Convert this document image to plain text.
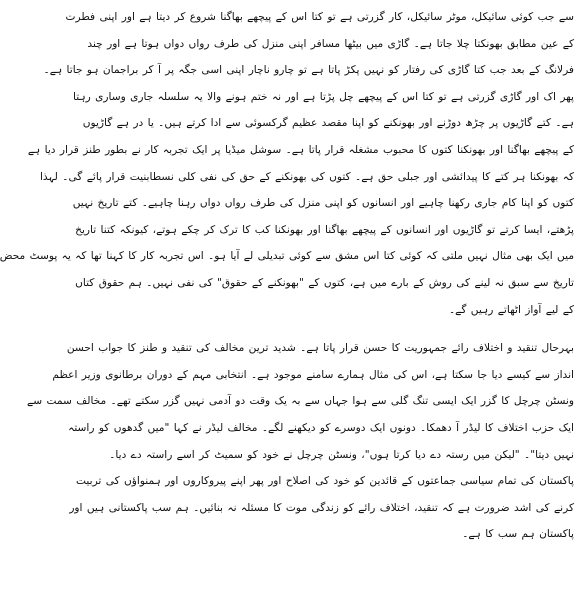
سے جب کوئی سائیکل، موٹر سائیکل، کار گزرتی ہے تو کتا اس کے پیچھے بھاگنا شروع کر دیتا ہے اور اپنی فطرت
کے عین مطابق بھونکتا چلا جاتا ہے۔ گاڑی میں بیٹھا مسافر اپنی منزل کی طرف رواں دواں ہوتا ہے اور چند
فرلانگ کے بعد جب کتا گاڑی کی رفتار کو نہیں پکڑ پاتا ہے تو چارو ناچار اپنی اسی جگہ پر آ کر براجمان ہو جاتا ہے۔
پھر اک اور گاڑی گزرتی ہے تو کتا اس کے پیچھے چل پڑتا ہے اور نہ ختم ہونے والا یہ سلسلہ جاری وساری رہتا
ہے۔ کتے گاڑیوں پر چڑھ دوڑنے اور بھونکنے کو اپنا مقصد عظیم گرکسوئی سے ادا کرتے ہیں۔ یا در ہے گاڑیوں
کے پیچھے بھاگنا اور بھونکنا کتوں کا محبوب مشغلہ قرار پاتا ہے۔ سوشل میڈیا پر ایک تجربہ کار نے بطور طنز قرار دیا ہے
کہ بھونکنا ہر کتے کا پیدائشی اور جبلی حق ہے۔ کتوں کی بھونکنے کے حق کی نفی کلی نسطابنیت قرار پائے گی۔ لہذا
کتوں کو اپنا کام جاری رکھنا چاہیے اور انسانوں کو اپنی منزل کی طرف رواں دواں رہنا چاہیے۔ کتے تاریخ نہیں
پڑھتے، ایسا کرتے تو گاڑیوں اور انسانوں کے پیچھے بھاگنا اور بھونکنا کب کا ترک کر چکے ہوتے، کیونکہ کتنا تاریخ
میں ایک بھی مثال نہیں ملتی کہ کوئی کتا اس مشق سے کوئی تبدیلی لے آیا ہو۔ اس تجربہ کار کا کہنا تھا کہ یہ پوسٹ محض
تاریخ سے سبق نہ لینے کی روش کے بارے میں ہے، کتوں کے "بھونکنے کے حقوق" کی نفی نہیں۔ ہم حقوق کتاں
کے لیے آواز اٹھاتے رہیں گے۔
بہرحال تنقید و اختلاف رائے جمہوریت کا حسن قرار پاتا ہے۔ شدید ترین مخالف کی تنقید و طنز کا جواب احسن
انداز سے کیسے دیا جا سکتا ہے، اس کی مثال ہمارے سامنے موجود ہے۔ انتخابی مہم کے دوران برطانوی وزیر اعظم
ونسٹن چرچل کا گزر ایک ایسی تنگ گلی سے ہوا جہاں سے بہ یک وقت دو آدمی نہیں گزر سکتے تھے۔ مخالف سمت سے
ایک حزب اختلاف کا لیڈر آ دھمکا۔ دونوں ایک دوسرے کو دیکھنے لگے۔ مخالف لیڈر نے کہا "میں گدھوں کو راستہ
نہیں دیتا"۔ "لیکن میں رستہ دے دیا کرتا ہوں"، ونسٹن چرچل نے خود کو سمیٹ کر اسے راستہ دے دیا۔
پاکستان کی تمام سیاسی جماعتوں کے قائدین کو خود کی اصلاح اور پھر اپنے پیروکاروں اور ہمنواؤں کی تربیت
کرنے کی اشد ضرورت ہے کہ تنقید، اختلاف رائے کو زندگی موت کا مسئلہ نہ بنائیں۔ ہم سب پاکستانی ہیں اور
پاکستان ہم سب کا ہے۔
